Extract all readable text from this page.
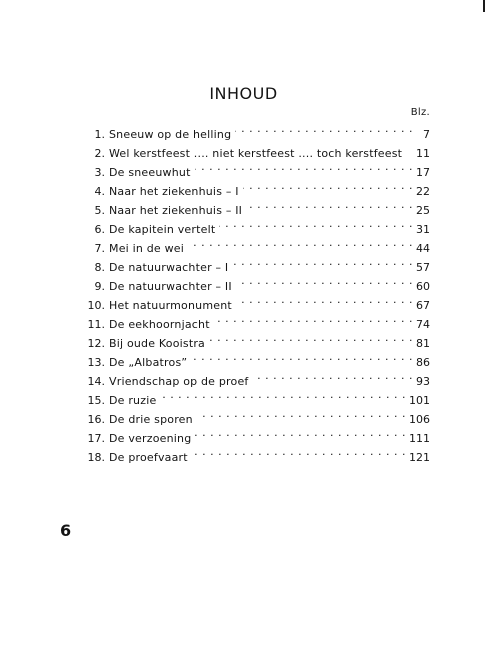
INHOUD
Blz.
1. Sneeuw op de helling . .	7
2. Wel kerstfeest .... niet kerstfeest .... toch kerstfeest 11
3. De sneeuwhut . .	17
4. Naar het ziekenhuis – I . .	22
5. Naar het ziekenhuis – II . .	25
6. De kapitein vertelt . .	31
7. Mei in de wei . .	44
8. De natuurwachter – I . .	57
9. De natuurwachter – II . .	60
10. Het natuurmonument . .	67
11. De eekhoornjacht . .	74
12. Bij oude Kooistra . .	81
13. De „Albatros” . .	86
14. Vriendschap op de proef . .	93
15. De ruzie . .	101
16. De drie sporen . .	106
17. De verzoening . .	111
18. De proefvaart . .	121
6
